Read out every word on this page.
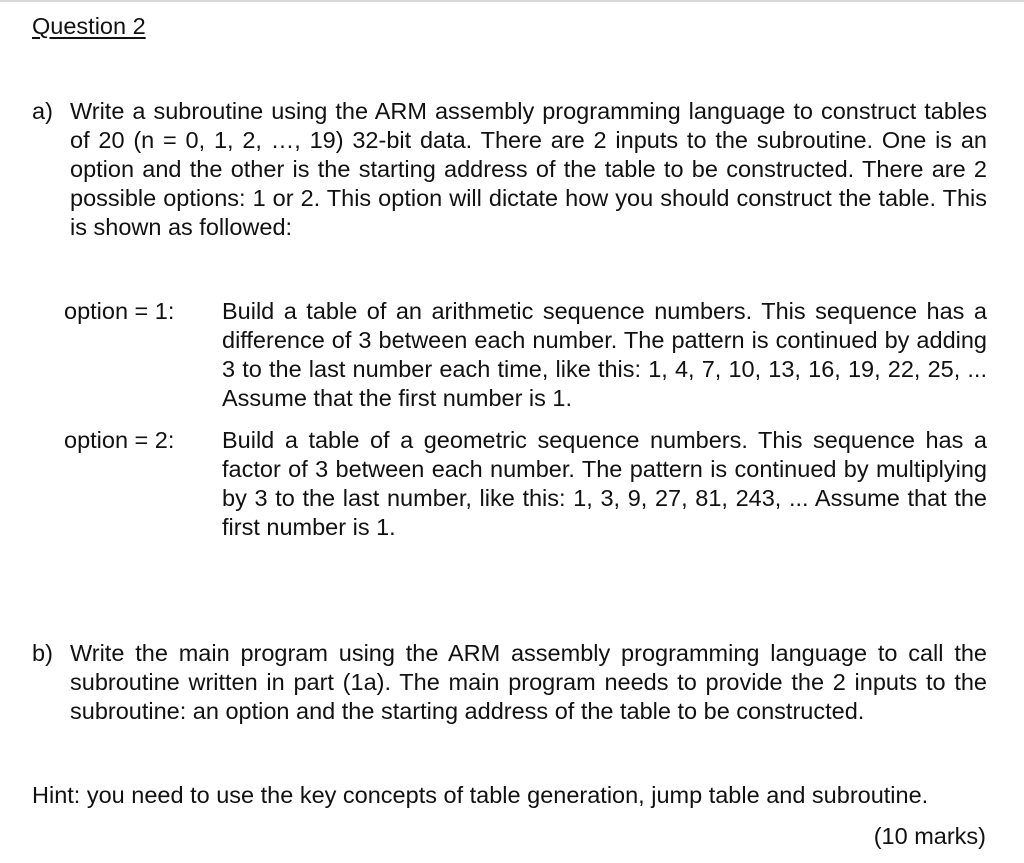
Question 2
a) Write a subroutine using the ARM assembly programming language to construct tables of 20 (n = 0, 1, 2, …, 19) 32-bit data. There are 2 inputs to the subroutine. One is an option and the other is the starting address of the table to be constructed. There are 2 possible options: 1 or 2. This option will dictate how you should construct the table. This is shown as followed:
option = 1: Build a table of an arithmetic sequence numbers. This sequence has a difference of 3 between each number. The pattern is continued by adding 3 to the last number each time, like this: 1, 4, 7, 10, 13, 16, 19, 22, 25, ... Assume that the first number is 1.
option = 2: Build a table of a geometric sequence numbers. This sequence has a factor of 3 between each number. The pattern is continued by multiplying by 3 to the last number, like this: 1, 3, 9, 27, 81, 243, ... Assume that the first number is 1.
b) Write the main program using the ARM assembly programming language to call the subroutine written in part (1a). The main program needs to provide the 2 inputs to the subroutine: an option and the starting address of the table to be constructed.
Hint: you need to use the key concepts of table generation, jump table and subroutine.
(10 marks)
